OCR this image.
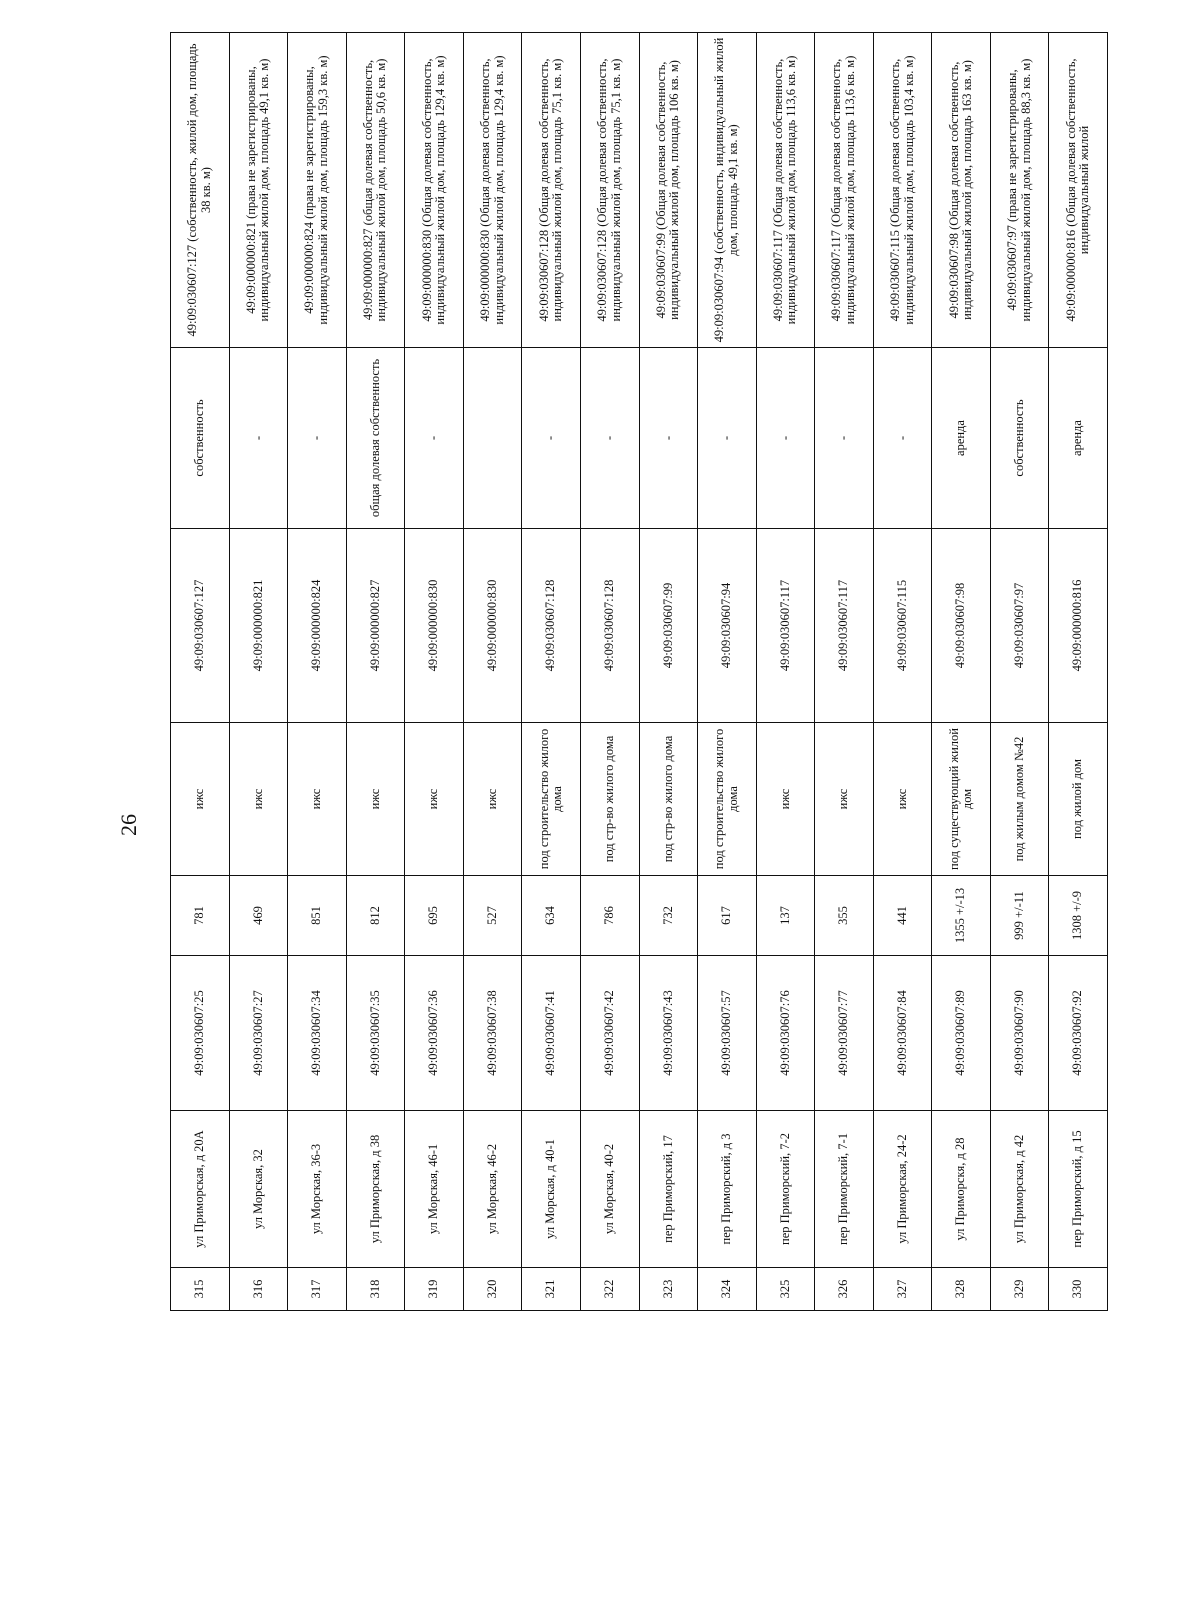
26
315	ул Приморская, д 20А	49:09:030607:25	781	ижс	49:09:030607:127	собственность	49:09:030607:127 (собственность, жилой дом, площадь 38 кв. м)
316	ул Морская, 32	49:09:030607:27	469	ижс	49:09:000000:821	-	49:09:000000:821 (права не зарегистрированы, индивидуальный жилой дом, площадь 49,1 кв. м)
317	ул Морская, 36-3	49:09:030607:34	851	ижс	49:09:000000:824	-	49:09:000000:824 (права не зарегистрированы, индивидуальный жилой дом, площадь 159,3 кв. м)
318	ул Приморская, д 38	49:09:030607:35	812	ижс	49:09:000000:827	общая долевая собственность	49:09:000000:827 (общая долевая собственность, индивидуальный жилой дом, площадь 50,6 кв. м)
319	ул Морская, 46-1	49:09:030607:36	695	ижс	49:09:000000:830	-	49:09:000000:830 (Общая долевая собственность, индивидуальный жилой дом, площадь 129,4 кв. м)
320	ул Морская, 46-2	49:09:030607:38	527	ижс	49:09:000000:830		49:09:000000:830 (Общая долевая собственность, индивидуальный жилой дом, площадь 129,4 кв. м)
321	ул Морская, д 40-1	49:09:030607:41	634	под строительство жилого дома	49:09:030607:128	-	49:09:030607:128 (Общая долевая собственность, индивидуальный жилой дом, площадь 75,1 кв. м)
322	ул Морская, 40-2	49:09:030607:42	786	под стр-во жилого дома	49:09:030607:128	-	49:09:030607:128 (Общая долевая собственность, индивидуальный жилой дом, площадь 75,1 кв. м)
323	пер Приморский, 17	49:09:030607:43	732	под стр-во жилого дома	49:09:030607:99	-	49:09:030607:99 (Общая долевая собственность, индивидуальный жилой дом, площадь 106 кв. м)
324	пер Приморский, д 3	49:09:030607:57	617	под строительство жилого дома	49:09:030607:94	-	49:09:030607:94 (собственность, индивидуальный жилой дом, площадь 49,1 кв. м)
325	пер Приморский, 7-2	49:09:030607:76	137	ижс	49:09:030607:117	-	49:09:030607:117 (Общая долевая собственность, индивидуальный жилой дом, площадь 113,6 кв. м)
326	пер Приморский, 7-1	49:09:030607:77	355	ижс	49:09:030607:117	-	49:09:030607:117 (Общая долевая собственность, индивидуальный жилой дом, площадь 113,6 кв. м)
327	ул Приморская, 24-2	49:09:030607:84	441	ижс	49:09:030607:115	-	49:09:030607:115 (Общая долевая собственность, индивидуальный жилой дом, площадь 103,4 кв. м)
328	ул Приморскя, д 28	49:09:030607:89	1355 +/-13	под существующий жилой дом	49:09:030607:98	аренда	49:09:030607:98 (Общая долевая собственность, индивидуальный жилой дом, площадь 163 кв. м)
329	ул Приморская, д 42	49:09:030607:90	999 +/-11	под жилым домом №42	49:09:030607:97	собственность	49:09:030607:97 (права не зарегистрированы, индивидуальный жилой дом, площадь 88,3 кв. м)
330	пер Приморский, д 15	49:09:030607:92	1308 +/-9	под жилой дом	49:09:000000:816	аренда	49:09:000000:816 (Общая долевая собственность, индивидуальный жилой
